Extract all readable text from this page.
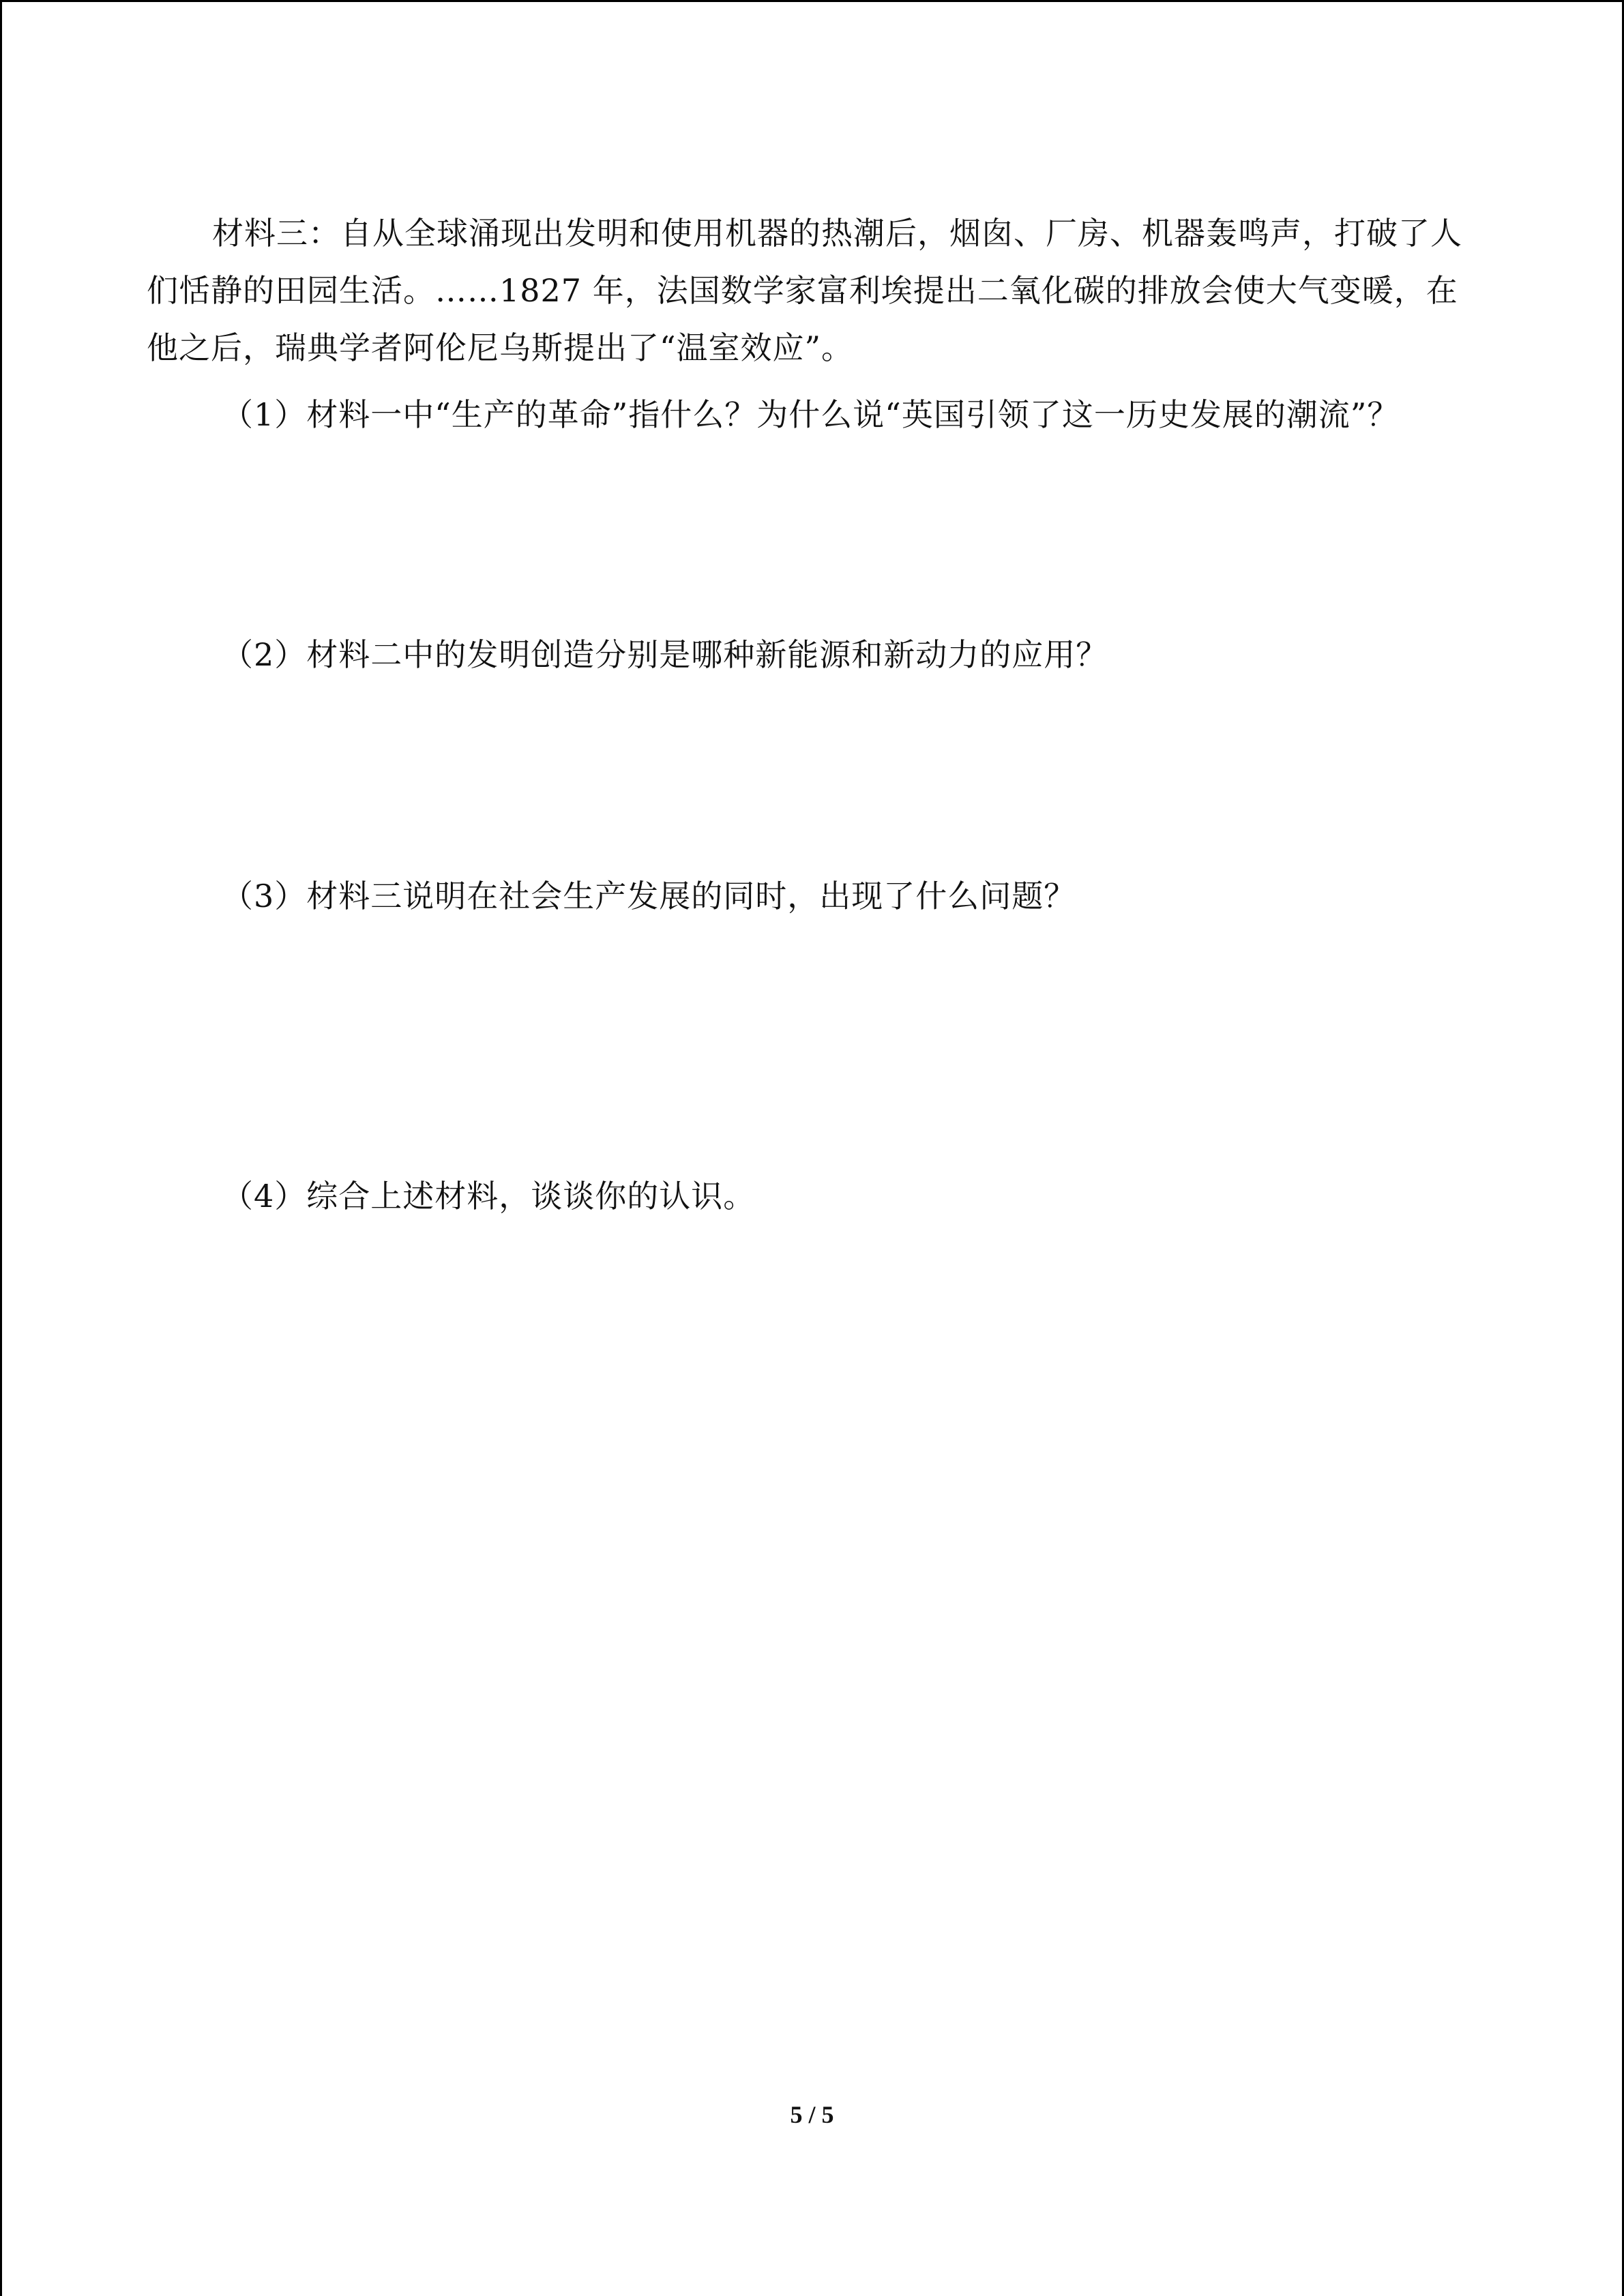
材料三：自从全球涌现出发明和使用机器的热潮后，烟囱、厂房、机器轰鸣声，打破了人们恬静的田园生活。……1827 年，法国数学家富利埃提出二氧化碳的排放会使大气变暖，在他之后，瑞典学者阿伦尼乌斯提出了“温室效应”。

（1）材料一中“生产的革命”指什么？为什么说“英国引领了这一历史发展的潮流”？

（2）材料二中的发明创造分别是哪种新能源和新动力的应用？

（3）材料三说明在社会生产发展的同时，出现了什么问题？

（4）综合上述材料，谈谈你的认识。

5 / 5
